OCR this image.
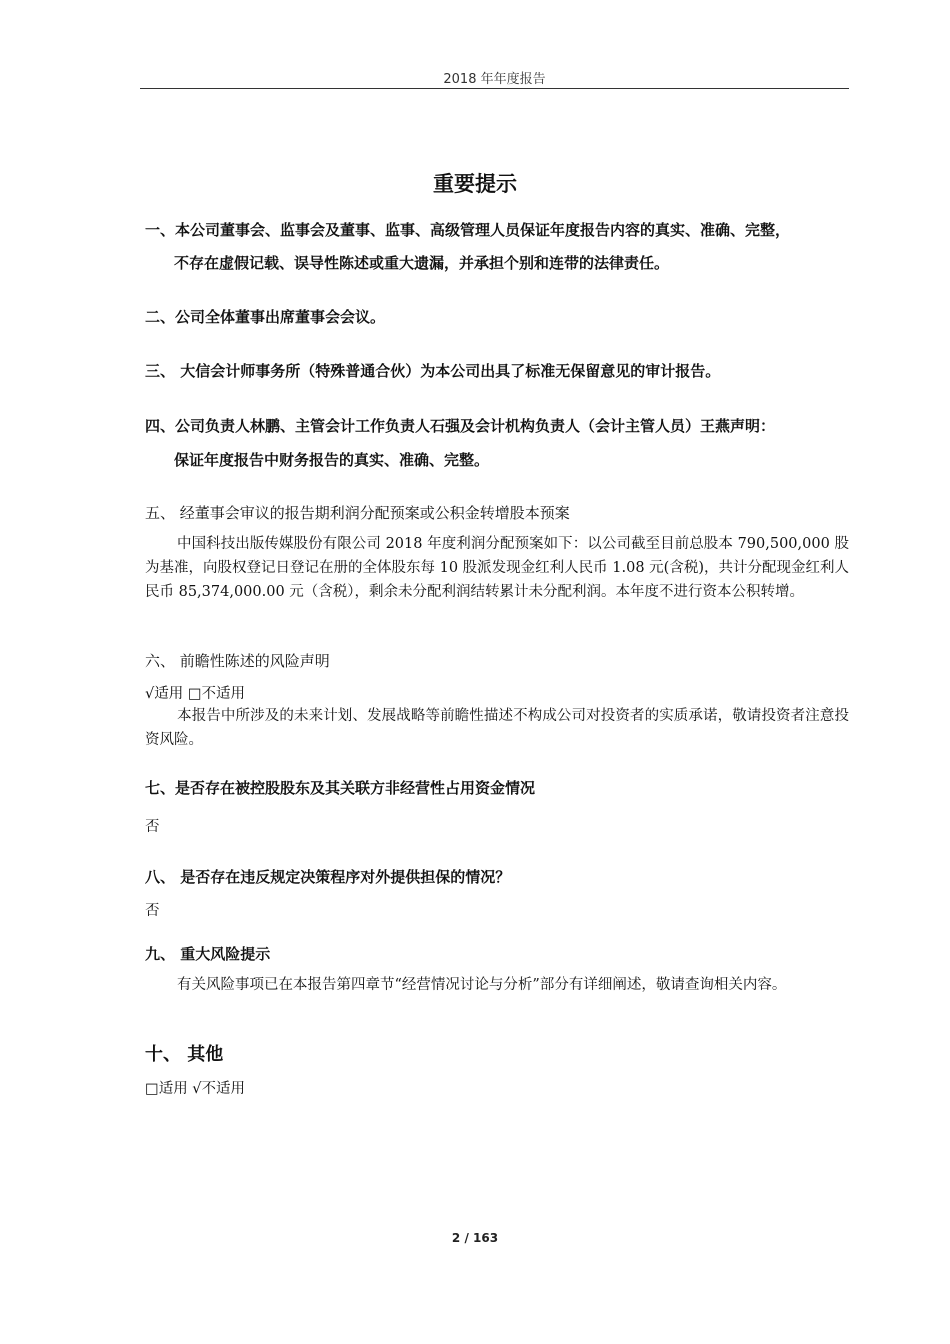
2018 年年度报告
重要提示
一、本公司董事会、监事会及董事、监事、高级管理人员保证年度报告内容的真实、准确、完整，
不存在虚假记载、误导性陈述或重大遗漏，并承担个别和连带的法律责任。
二、公司全体董事出席董事会会议。
三、 大信会计师事务所（特殊普通合伙）为本公司出具了标准无保留意见的审计报告。
四、公司负责人林鹏、主管会计工作负责人石强及会计机构负责人（会计主管人员）王燕声明：
保证年度报告中财务报告的真实、准确、完整。
五、 经董事会审议的报告期利润分配预案或公积金转增股本预案
中国科技出版传媒股份有限公司 2018 年度利润分配预案如下：以公司截至目前总股本 790,500,000 股为基准，向股权登记日登记在册的全体股东每 10 股派发现金红利人民币 1.08 元(含税)，共计分配现金红利人民币 85,374,000.00 元（含税），剩余未分配利润结转累计未分配利润。本年度不进行资本公积转增。
六、 前瞻性陈述的风险声明
√适用 □不适用
本报告中所涉及的未来计划、发展战略等前瞻性描述不构成公司对投资者的实质承诺，敬请投资者注意投资风险。
七、是否存在被控股股东及其关联方非经营性占用资金情况
否
八、 是否存在违反规定决策程序对外提供担保的情况？
否
九、 重大风险提示
有关风险事项已在本报告第四章节“经营情况讨论与分析”部分有详细阐述，敬请查询相关内容。
十、 其他
□适用 √不适用
2 / 163
